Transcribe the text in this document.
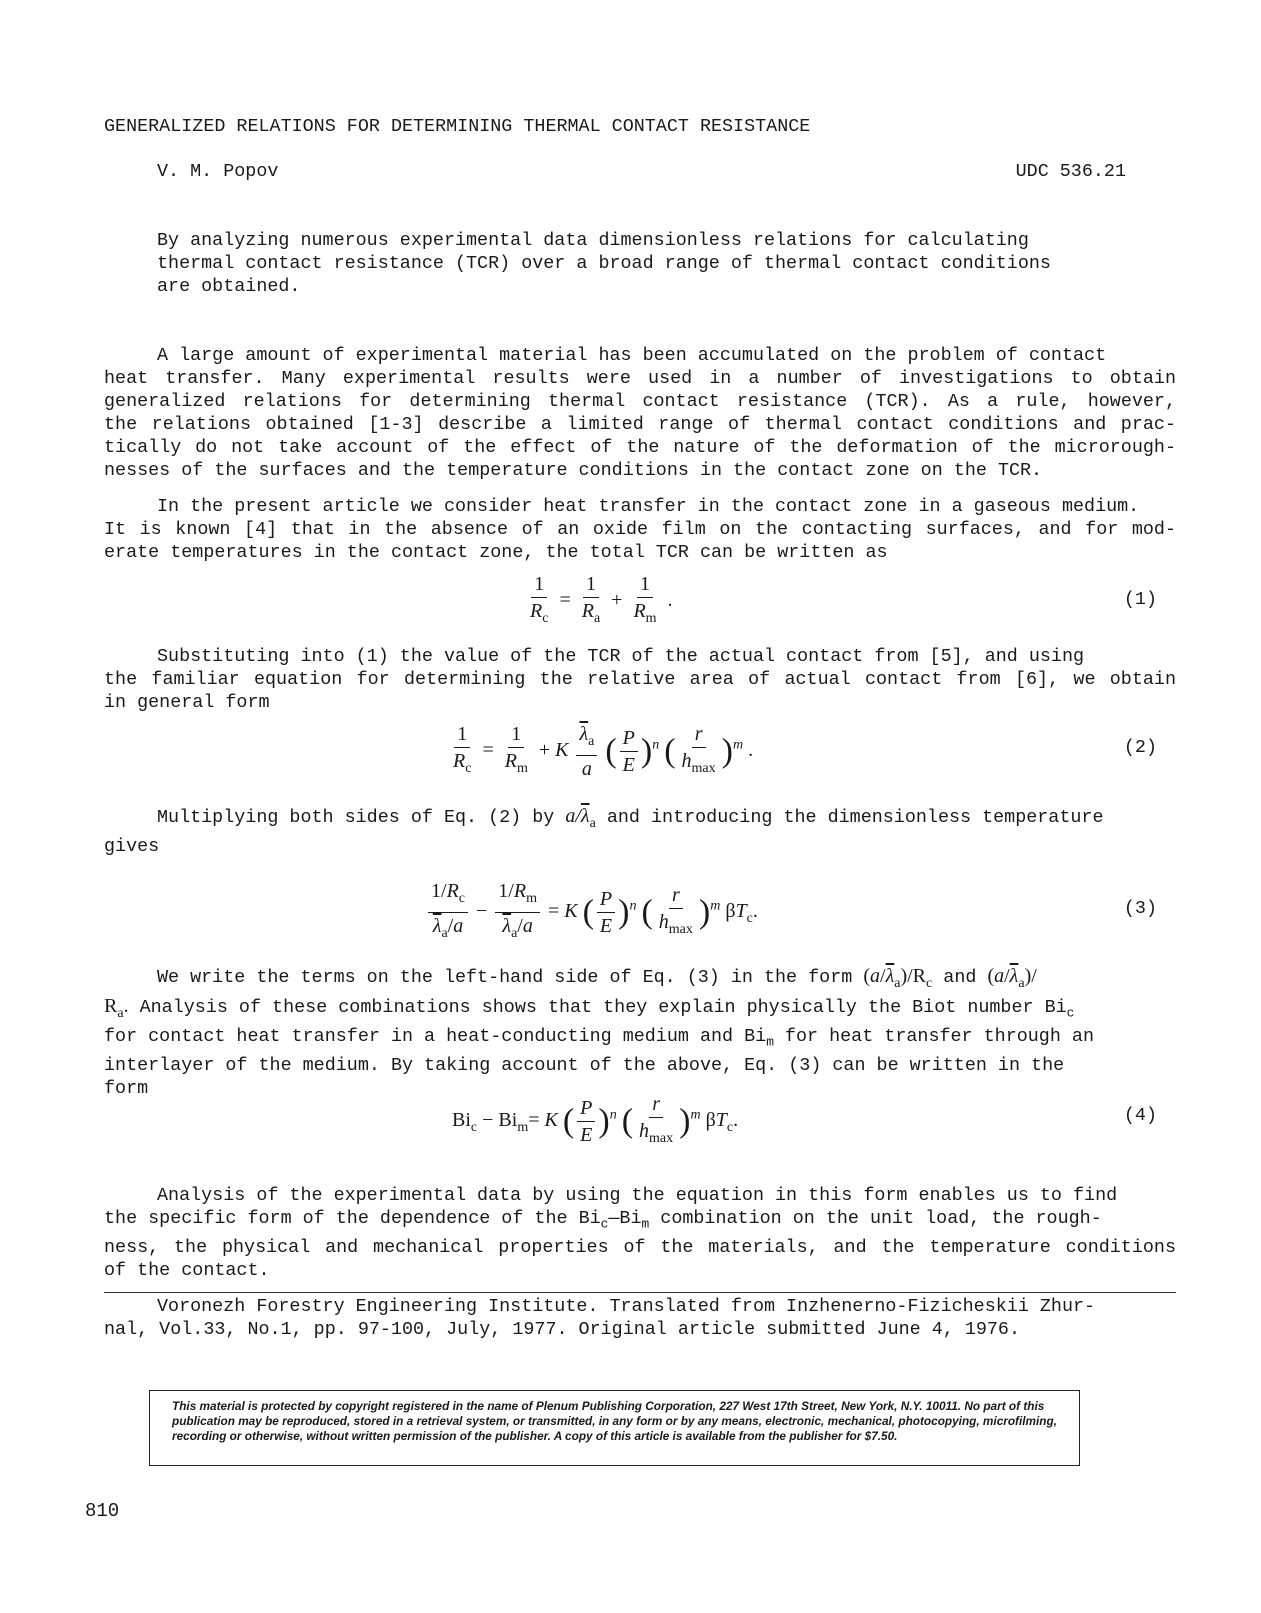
GENERALIZED RELATIONS FOR DETERMINING THERMAL CONTACT RESISTANCE
V. M. Popov	UDC 536.21
By analyzing numerous experimental data dimensionless relations for calculating
thermal contact resistance (TCR) over a broad range of thermal contact conditions
are obtained.
A large amount of experimental material has been accumulated on the problem of contact
heat transfer. Many experimental results were used in a number of investigations to obtain
generalized relations for determining thermal contact resistance (TCR). As a rule, however,
the relations obtained [1-3] describe a limited range of thermal contact conditions and prac-
tically do not take account of the effect of the nature of the deformation of the microrough-
nesses of the surfaces and the temperature conditions in the contact zone on the TCR.
In the present article we consider heat transfer in the contact zone in a gaseous medium.
It is known [4] that in the absence of an oxide film on the contacting surfaces, and for mod-
erate temperatures in the contact zone, the total TCR can be written as
$\frac{1}{R_c} = \frac{1}{R_a} + \frac{1}{R_m}$ .	(1)
Substituting into (1) the value of the TCR of the actual contact from [5], and using
the familiar equation for determining the relative area of actual contact from [6], we obtain
in general form
$\frac{1}{R_c} = \frac{1}{R_m} + K \frac{\overline{\lambda}_a}{a}$ ( $\frac{P}{E} )^n$ ( $\frac{r}{h_{max}} )^m$ .	(2)
Multiplying both sides of Eq. (2) by $a/\overline{\lambda}_a$ and introducing the dimensionless temperature
gives
$\frac{1/R_c}{\overline{\lambda}_a/a} - \frac{1/R_m}{\overline{\lambda}_a/a} = K$ ( $\frac{P}{E} )^n$ ( $\frac{r}{h_{max}} )^m$ $\beta T_c$.	(3)
We write the terms on the left-hand side of Eq. (3) in the form $(a/\overline{\lambda}_a)/R_c$ and $(a/\overline{\lambda}_a)/$
$R_a$. Analysis of these combinations shows that they explain physically the Biot number $Bi_c$
for contact heat transfer in a heat-conducting medium and $Bi_m$ for heat transfer through an
interlayer of the medium. By taking account of the above, Eq. (3) can be written in the
form
$Bi_c - Bi_m= K$ ( $\frac{P}{E} )^n$ ( $\frac{r}{h_{max}} )^m$ $\beta T_c$.	(4)
Analysis of the experimental data by using the equation in this form enables us to find
the specific form of the dependence of the $Bi_c—Bi_m$ combination on the unit load, the rough-
ness, the physical and mechanical properties of the materials, and the temperature conditions
of the contact.
Voronezh Forestry Engineering Institute. Translated from Inzhenerno-Fizicheskii Zhur-
nal, Vol.33, No.1, pp. 97-100, July, 1977. Original article submitted June 4, 1976.
This material is protected by copyright registered in the name of Plenum Publishing Corporation, 227 West 17th Street, New York, N.Y. 10011. No part of this publication may be reproduced, stored in a retrieval system, or transmitted, in any form or by any means, electronic, mechanical, photocopying, microfilming, recording or otherwise, without written permission of the publisher. A copy of this article is available from the publisher for $7.50.
810
